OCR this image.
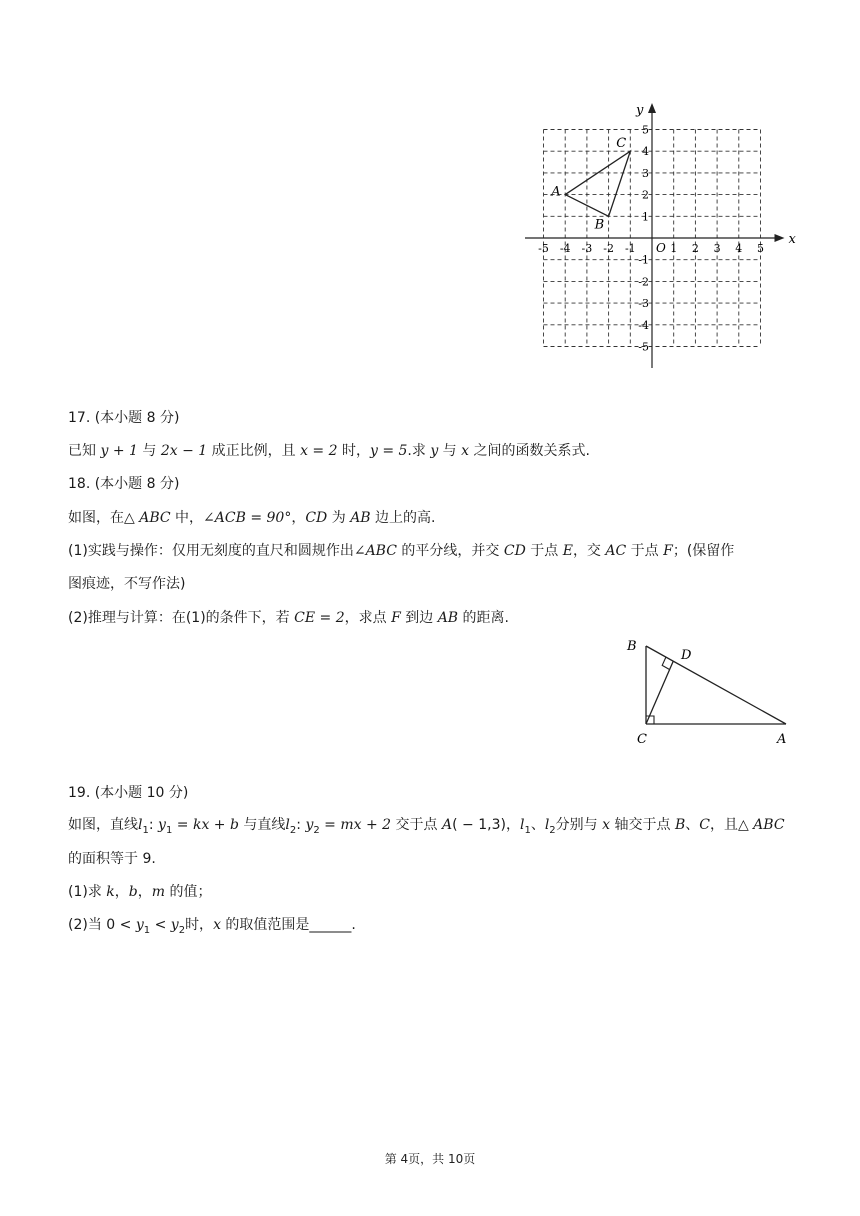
x
y
O
-5 -4 -3 -2 -1	1 2 3 4 5
5
4
3
2
1
-1
-2
-3
-4
-5
A
B
C
17. (本小题 8 分)
已知 y + 1 与 2x − 1 成正比例，且 x = 2 时，y = 5.求 y 与 x 之间的函数关系式.
18. (本小题 8 分)
如图，在△ ABC 中，∠ACB = 90°，CD 为 AB 边上的高.
(1)实践与操作：仅用无刻度的直尺和圆规作出∠ABC 的平分线，并交 CD 于点 E，交 AC 于点 F；(保留作
图痕迹，不写作法)
(2)推理与计算：在(1)的条件下，若 CE = 2，求点 F 到边 AB 的距离.
B
D
C	A
19. (本小题 10 分)
如图，直线$l_1$: $y_1$ = kx + b 与直线$l_2$: $y_2$ = mx + 2 交于点 A( − 1,3)，$l_1$、$l_2$分别与 x 轴交于点 B、C，且△ ABC
的面积等于 9.
(1)求 k，b，m 的值；
(2)当 $0 < y_1 < y_2$时，x 的取值范围是______.
第 4页，共 10页
